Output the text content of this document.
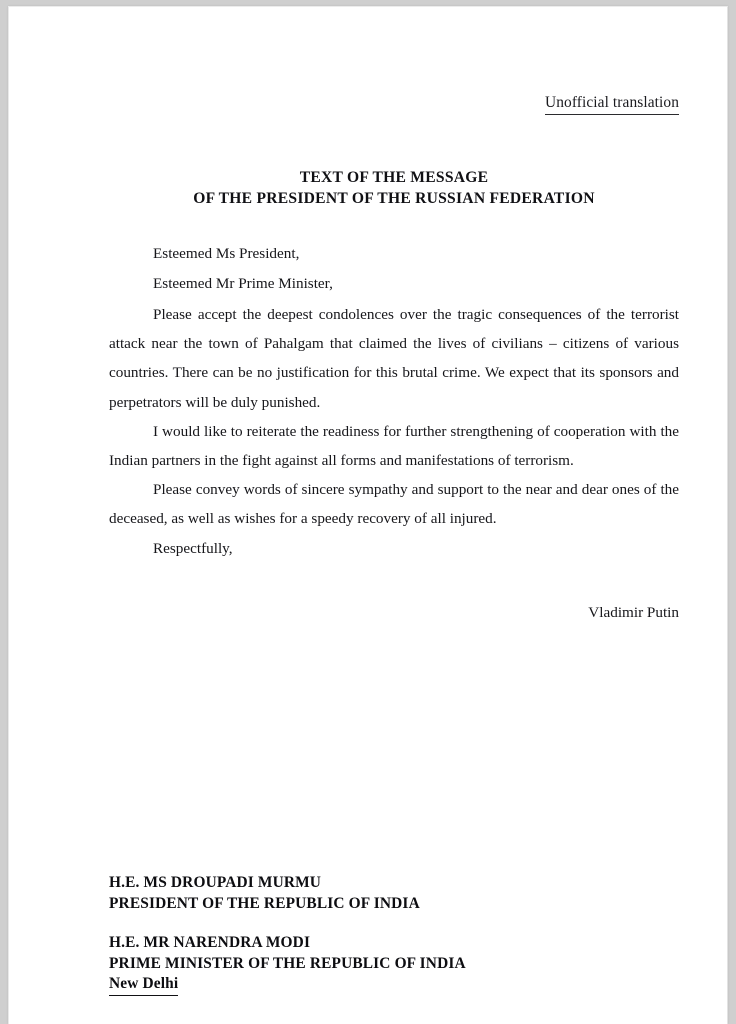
Unofficial translation
TEXT OF THE MESSAGE
OF THE PRESIDENT OF THE RUSSIAN FEDERATION

Esteemed Ms President,

Esteemed Mr Prime Minister,

Please accept the deepest condolences over the tragic consequences of the terrorist attack near the town of Pahalgam that claimed the lives of civilians – citizens of various countries. There can be no justification for this brutal crime. We expect that its sponsors and perpetrators will be duly punished.

I would like to reiterate the readiness for further strengthening of cooperation with the Indian partners in the fight against all forms and manifestations of terrorism.

Please convey words of sincere sympathy and support to the near and dear ones of the deceased, as well as wishes for a speedy recovery of all injured.

Respectfully,

Vladimir Putin
H.E. MS DROUPADI MURMU
PRESIDENT OF THE REPUBLIC OF INDIA
H.E. MR NARENDRA MODI
PRIME MINISTER OF THE REPUBLIC OF INDIA
New Delhi
